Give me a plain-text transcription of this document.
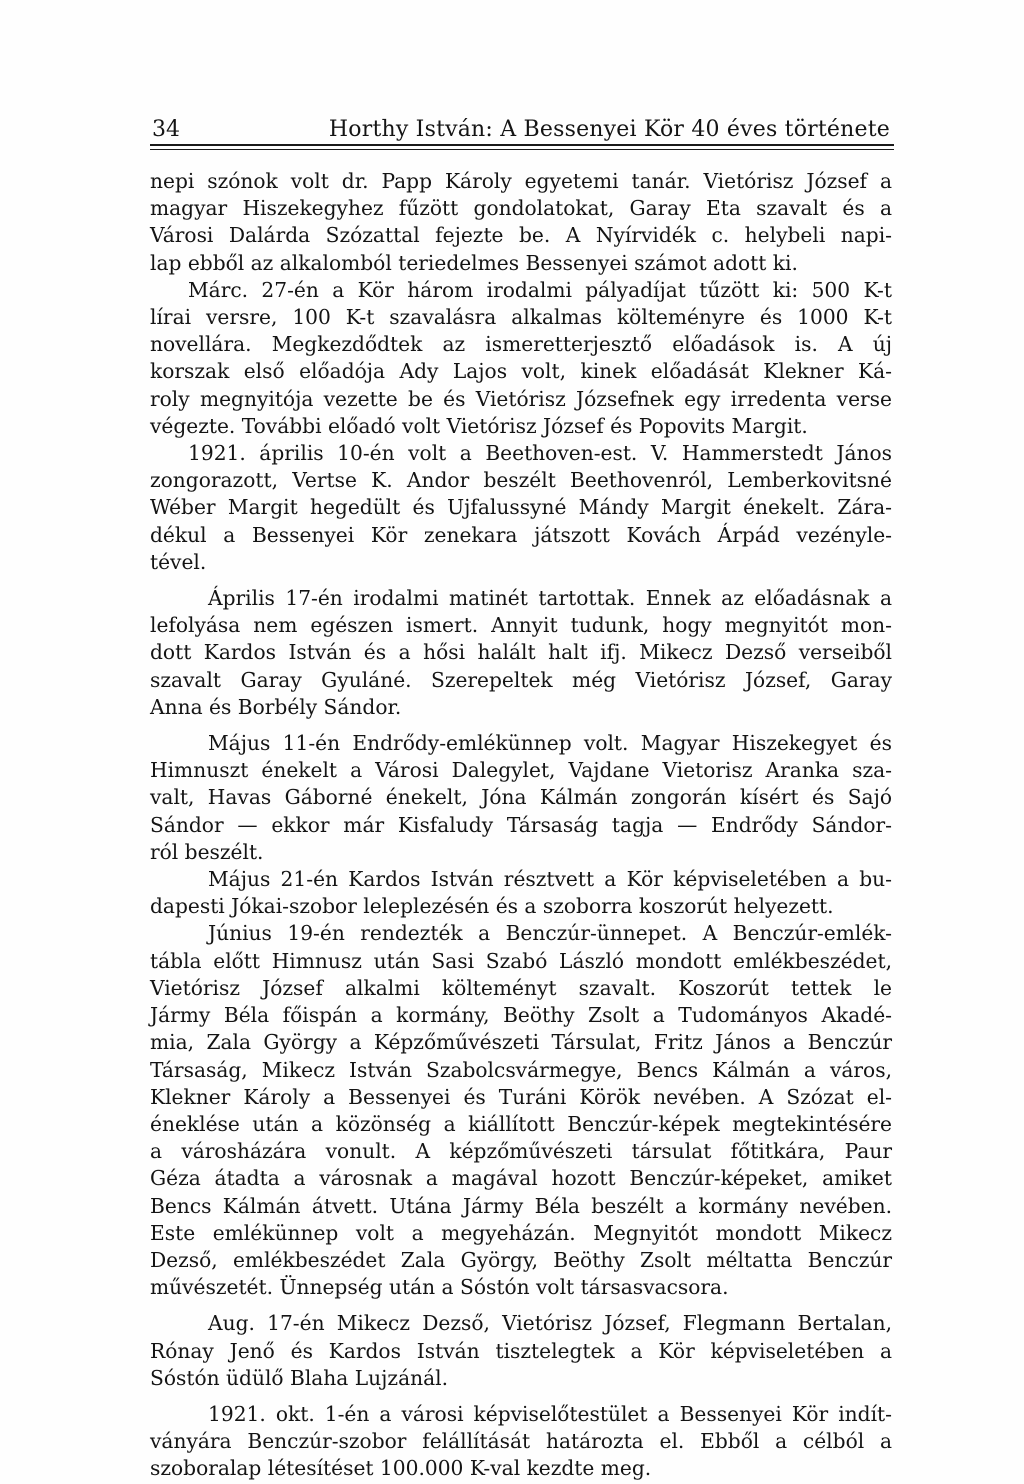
34	Horthy István: A Bessenyei Kör 40 éves története

nepi szónok volt dr. Papp Károly egyetemi tanár. Vietórisz József a

magyar Hiszekegyhez fűzött gondolatokat, Garay Eta szavalt és a

Városi Dalárda Szózattal fejezte be. A Nyírvidék c. helybeli napi-

lap ebből az alkalomból teriedelmes Bessenyei számot adott ki.

Márc. 27-én a Kör három irodalmi pályadíjat tűzött ki: 500 K-t

lírai versre, 100 K-t szavalásra alkalmas költeményre és 1000 K-t

novellára. Megkezdődtek az ismeretterjesztő előadások is. A új

korszak első előadója Ady Lajos volt, kinek előadását Klekner Ká-

roly megnyitója vezette be és Vietórisz Józsefnek egy irredenta verse

végezte. További előadó volt Vietórisz József és Popovits Margit.

1921. április 10-én volt a Beethoven-est. V. Hammerstedt János

zongorazott, Vertse K. Andor beszélt Beethovenról, Lemberkovitsné

Wéber Margit hegedült és Ujfalussyné Mándy Margit énekelt. Zára-

dékul a Bessenyei Kör zenekara játszott Kovách Árpád vezényle-

tével.

Április 17-én irodalmi matinét tartottak. Ennek az előadásnak a

lefolyása nem egészen ismert. Annyit tudunk, hogy megnyitót mon-

dott Kardos István és a hősi halált halt ifj. Mikecz Dezső verseiből

szavalt Garay Gyuláné. Szerepeltek még Vietórisz József, Garay

Anna és Borbély Sándor.

Május 11-én Endrődy-emlékünnep volt. Magyar Hiszekegyet és

Himnuszt énekelt a Városi Dalegylet, Vajdane Vietorisz Aranka sza-

valt, Havas Gáborné énekelt, Jóna Kálmán zongorán kísért és Sajó

Sándor — ekkor már Kisfaludy Társaság tagja — Endrődy Sándor-

ról beszélt.

Május 21-én Kardos István résztvett a Kör képviseletében a bu-

dapesti Jókai-szobor leleplezésén és a szoborra koszorút helyezett.

Június 19-én rendezték a Benczúr-ünnepet. A Benczúr-emlék-

tábla előtt Himnusz után Sasi Szabó László mondott emlékbeszédet,

Vietórisz József alkalmi költeményt szavalt. Koszorút tettek le

Jármy Béla főispán a kormány, Beöthy Zsolt a Tudományos Akadé-

mia, Zala György a Képzőművészeti Társulat, Fritz János a Benczúr

Társaság, Mikecz István Szabolcsvármegye, Bencs Kálmán a város,

Klekner Károly a Bessenyei és Turáni Körök nevében. A Szózat el-

éneklése után a közönség a kiállított Benczúr-képek megtekintésére

a városházára vonult. A képzőművészeti társulat főtitkára, Paur

Géza átadta a városnak a magával hozott Benczúr-képeket, amiket

Bencs Kálmán átvett. Utána Jármy Béla beszélt a kormány nevében.

Este emlékünnep volt a megyeházán. Megnyitót mondott Mikecz

Dezső, emlékbeszédet Zala György, Beöthy Zsolt méltatta Benczúr

művészetét. Ünnepség után a Sóstón volt társasvacsora.

Aug. 17-én Mikecz Dezső, Vietórisz József, Flegmann Bertalan,

Rónay Jenő és Kardos István tisztelegtek a Kör képviseletében a

Sóstón üdülő Blaha Lujzánál.

1921. okt. 1-én a városi képviselőtestület a Bessenyei Kör indít-

ványára Benczúr-szobor felállítását határozta el. Ebből a célból a

szoboralap létesítéset 100.000 K-val kezdte meg.
